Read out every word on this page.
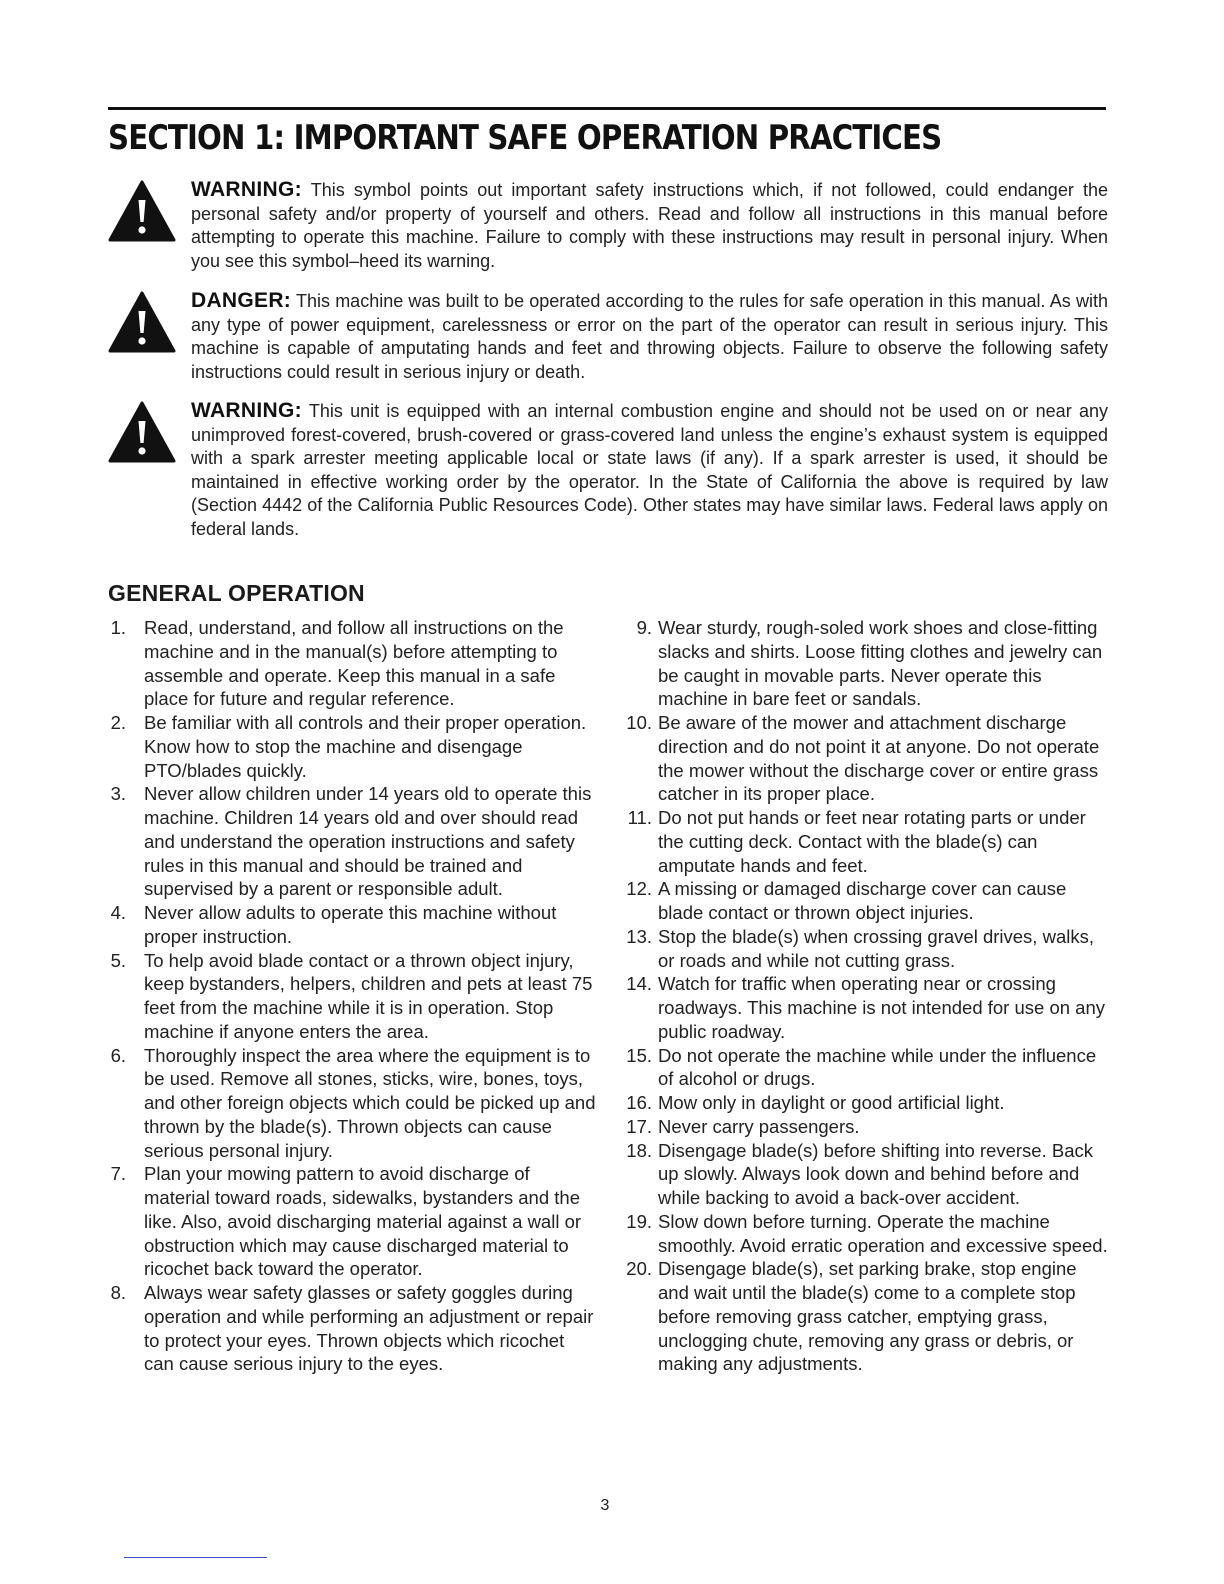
SECTION 1: IMPORTANT SAFE OPERATION PRACTICES
WARNING: This symbol points out important safety instructions which, if not followed, could endanger the personal safety and/or property of yourself and others. Read and follow all instructions in this manual before attempting to operate this machine. Failure to comply with these instructions may result in personal injury. When you see this symbol–heed its warning.
DANGER: This machine was built to be operated according to the rules for safe operation in this manual. As with any type of power equipment, carelessness or error on the part of the operator can result in serious injury. This machine is capable of amputating hands and feet and throwing objects. Failure to observe the following safety instructions could result in serious injury or death.
WARNING: This unit is equipped with an internal combustion engine and should not be used on or near any unimproved forest-covered, brush-covered or grass-covered land unless the engine’s exhaust system is equipped with a spark arrester meeting applicable local or state laws (if any). If a spark arrester is used, it should be maintained in effective working order by the operator. In the State of California the above is required by law (Section 4442 of the California Public Resources Code). Other states may have similar laws. Federal laws apply on federal lands.
GENERAL OPERATION
1. Read, understand, and follow all instructions on the machine and in the manual(s) before attempting to assemble and operate. Keep this manual in a safe place for future and regular reference.
2. Be familiar with all controls and their proper operation. Know how to stop the machine and disengage PTO/blades quickly.
3. Never allow children under 14 years old to operate this machine. Children 14 years old and over should read and understand the operation instructions and safety rules in this manual and should be trained and supervised by a parent or responsible adult.
4. Never allow adults to operate this machine without proper instruction.
5. To help avoid blade contact or a thrown object injury, keep bystanders, helpers, children and pets at least 75 feet from the machine while it is in operation. Stop machine if anyone enters the area.
6. Thoroughly inspect the area where the equipment is to be used. Remove all stones, sticks, wire, bones, toys, and other foreign objects which could be picked up and thrown by the blade(s). Thrown objects can cause serious personal injury.
7. Plan your mowing pattern to avoid discharge of material toward roads, sidewalks, bystanders and the like. Also, avoid discharging material against a wall or obstruction which may cause discharged material to ricochet back toward the operator.
8. Always wear safety glasses or safety goggles during operation and while performing an adjustment or repair to protect your eyes. Thrown objects which ricochet can cause serious injury to the eyes.
9. Wear sturdy, rough-soled work shoes and close-fitting slacks and shirts. Loose fitting clothes and jewelry can be caught in movable parts. Never operate this machine in bare feet or sandals.
10. Be aware of the mower and attachment discharge direction and do not point it at anyone. Do not operate the mower without the discharge cover or entire grass catcher in its proper place.
11. Do not put hands or feet near rotating parts or under the cutting deck. Contact with the blade(s) can amputate hands and feet.
12. A missing or damaged discharge cover can cause blade contact or thrown object injuries.
13. Stop the blade(s) when crossing gravel drives, walks, or roads and while not cutting grass.
14. Watch for traffic when operating near or crossing roadways. This machine is not intended for use on any public roadway.
15. Do not operate the machine while under the influence of alcohol or drugs.
16. Mow only in daylight or good artificial light.
17. Never carry passengers.
18. Disengage blade(s) before shifting into reverse. Back up slowly. Always look down and behind before and while backing to avoid a back-over accident.
19. Slow down before turning. Operate the machine smoothly. Avoid erratic operation and excessive speed.
20. Disengage blade(s), set parking brake, stop engine and wait until the blade(s) come to a complete stop before removing grass catcher, emptying grass, unclogging chute, removing any grass or debris, or making any adjustments.
3
